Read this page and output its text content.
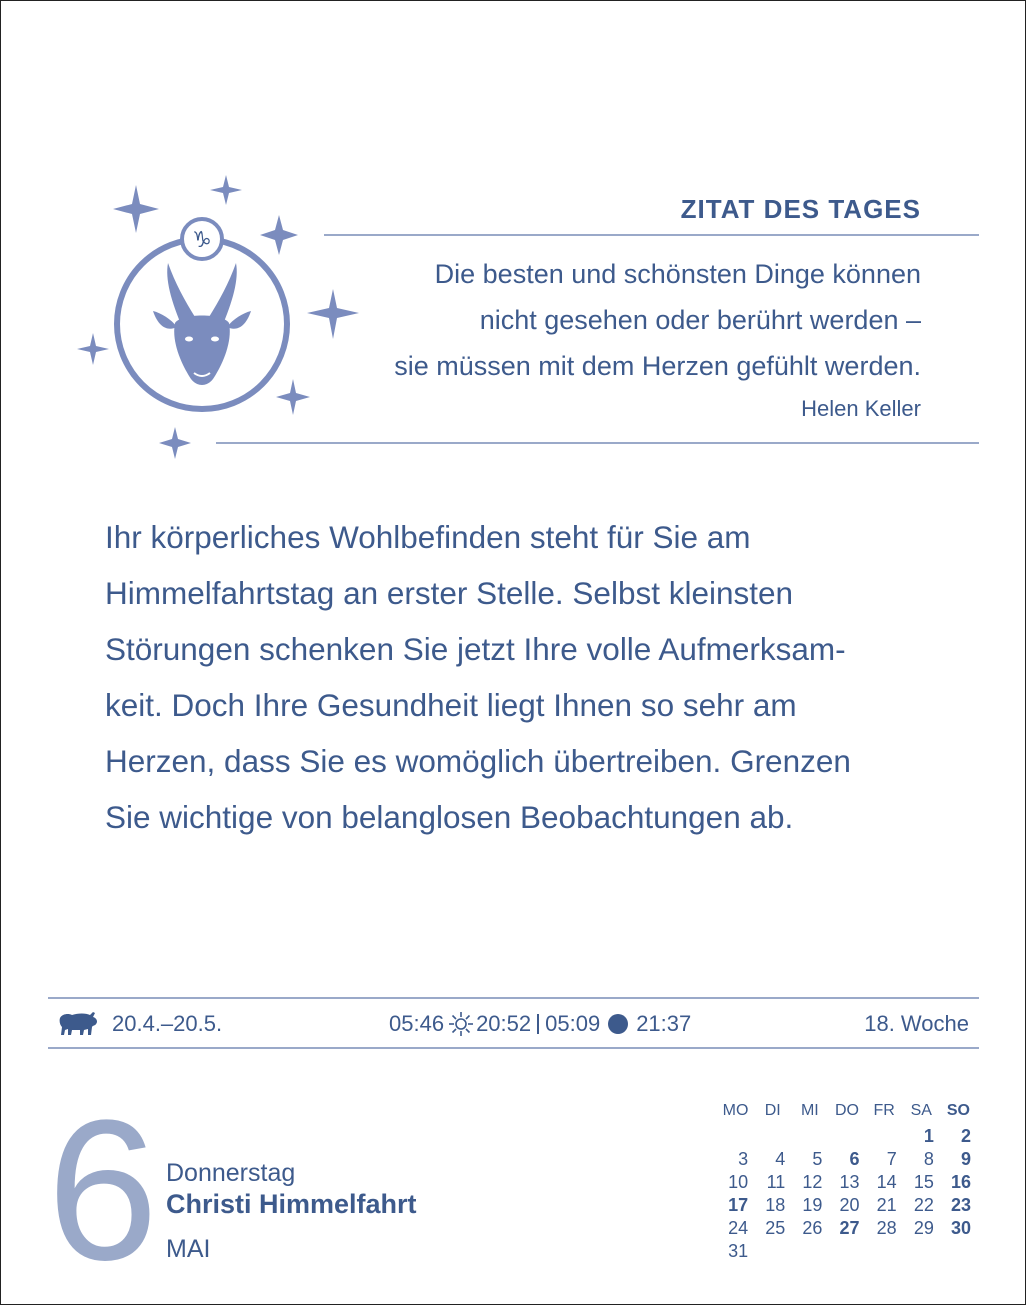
♑
ZITAT DES TAGES
Die besten und schönsten Dinge können
nicht gesehen oder berührt werden –
sie müssen mit dem Herzen gefühlt werden.
Helen Keller
Ihr körperliches Wohlbefinden steht für Sie am
Himmelfahrtstag an erster Stelle. Selbst kleinsten
Störungen schenken Sie jetzt Ihre volle Aufmerksam-
keit. Doch Ihre Gesundheit liegt Ihnen so sehr am
Herzen, dass Sie es womöglich übertreiben. Grenzen
Sie wichtige von belanglosen Beobachtungen ab.
20.4.–20.5.	05:46 20:52 05:09 21:37	18. Woche
6 Donnerstag
Christi Himmelfahrt
MAI
MO	DI	MI	DO	FR	SA	SO
					1	2
3	4	5	6	7	8	9
10	11	12	13	14	15	16
17	18	19	20	21	22	23
24	25	26	27	28	29	30
31						
